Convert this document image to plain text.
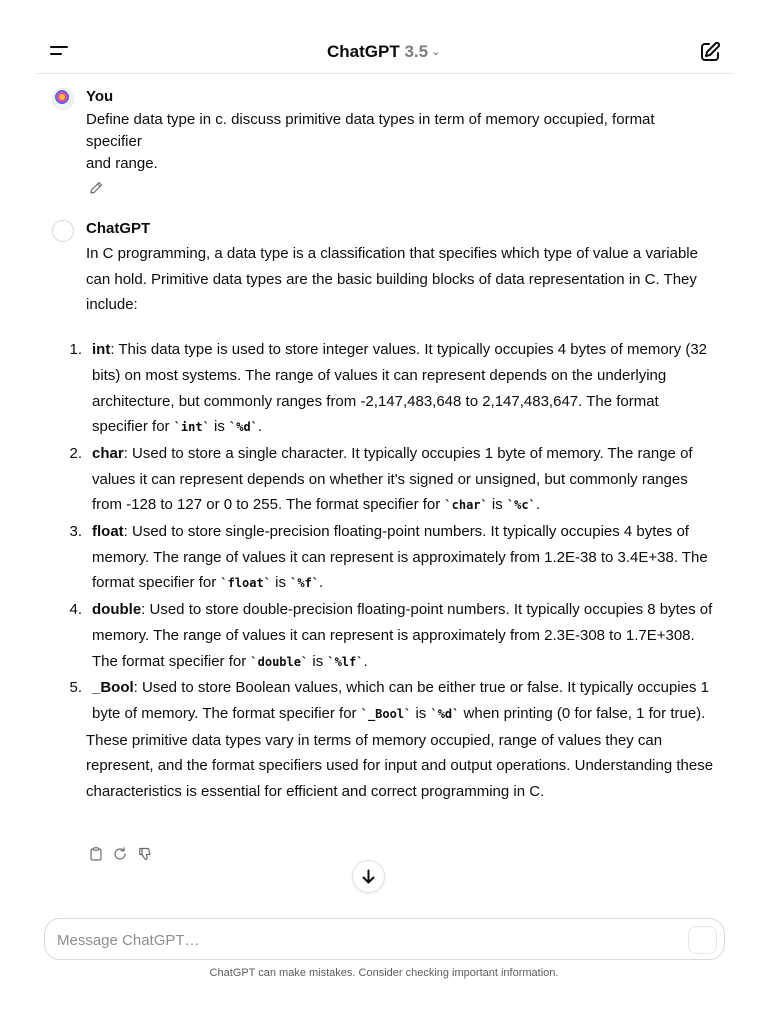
ChatGPT 3.5 ⌄
You
Define data type in c. discuss primitive data types in term of memory occupied, format specifier
and range.
ChatGPT

In C programming, a data type is a classification that specifies which type of value a variable can hold. Primitive data types are the basic building blocks of data representation in C. They include:

1. int: This data type is used to store integer values. It typically occupies 4 bytes of memory (32 bits) on most systems. The range of values it can represent depends on the underlying architecture, but commonly ranges from -2,147,483,648 to 2,147,483,647. The format specifier for `int` is `%d`.
2. char: Used to store a single character. It typically occupies 1 byte of memory. The range of values it can represent depends on whether it's signed or unsigned, but commonly ranges from -128 to 127 or 0 to 255. The format specifier for `char` is `%c`.
3. float: Used to store single-precision floating-point numbers. It typically occupies 4 bytes of memory. The range of values it can represent is approximately from 1.2E-38 to 3.4E+38. The format specifier for `float` is `%f`.
4. double: Used to store double-precision floating-point numbers. It typically occupies 8 bytes of memory. The range of values it can represent is approximately from 2.3E-308 to 1.7E+308. The format specifier for `double` is `%lf`.
5. _Bool: Used to store Boolean values, which can be either true or false. It typically occupies 1 byte of memory. The format specifier for `_Bool` is `%d` when printing (0 for false, 1 for true).

These primitive data types vary in terms of memory occupied, range of values they can represent, and the format specifiers used for input and output operations. Understanding these characteristics is essential for efficient and correct programming in C.

Message ChatGPT…
ChatGPT can make mistakes. Consider checking important information.
